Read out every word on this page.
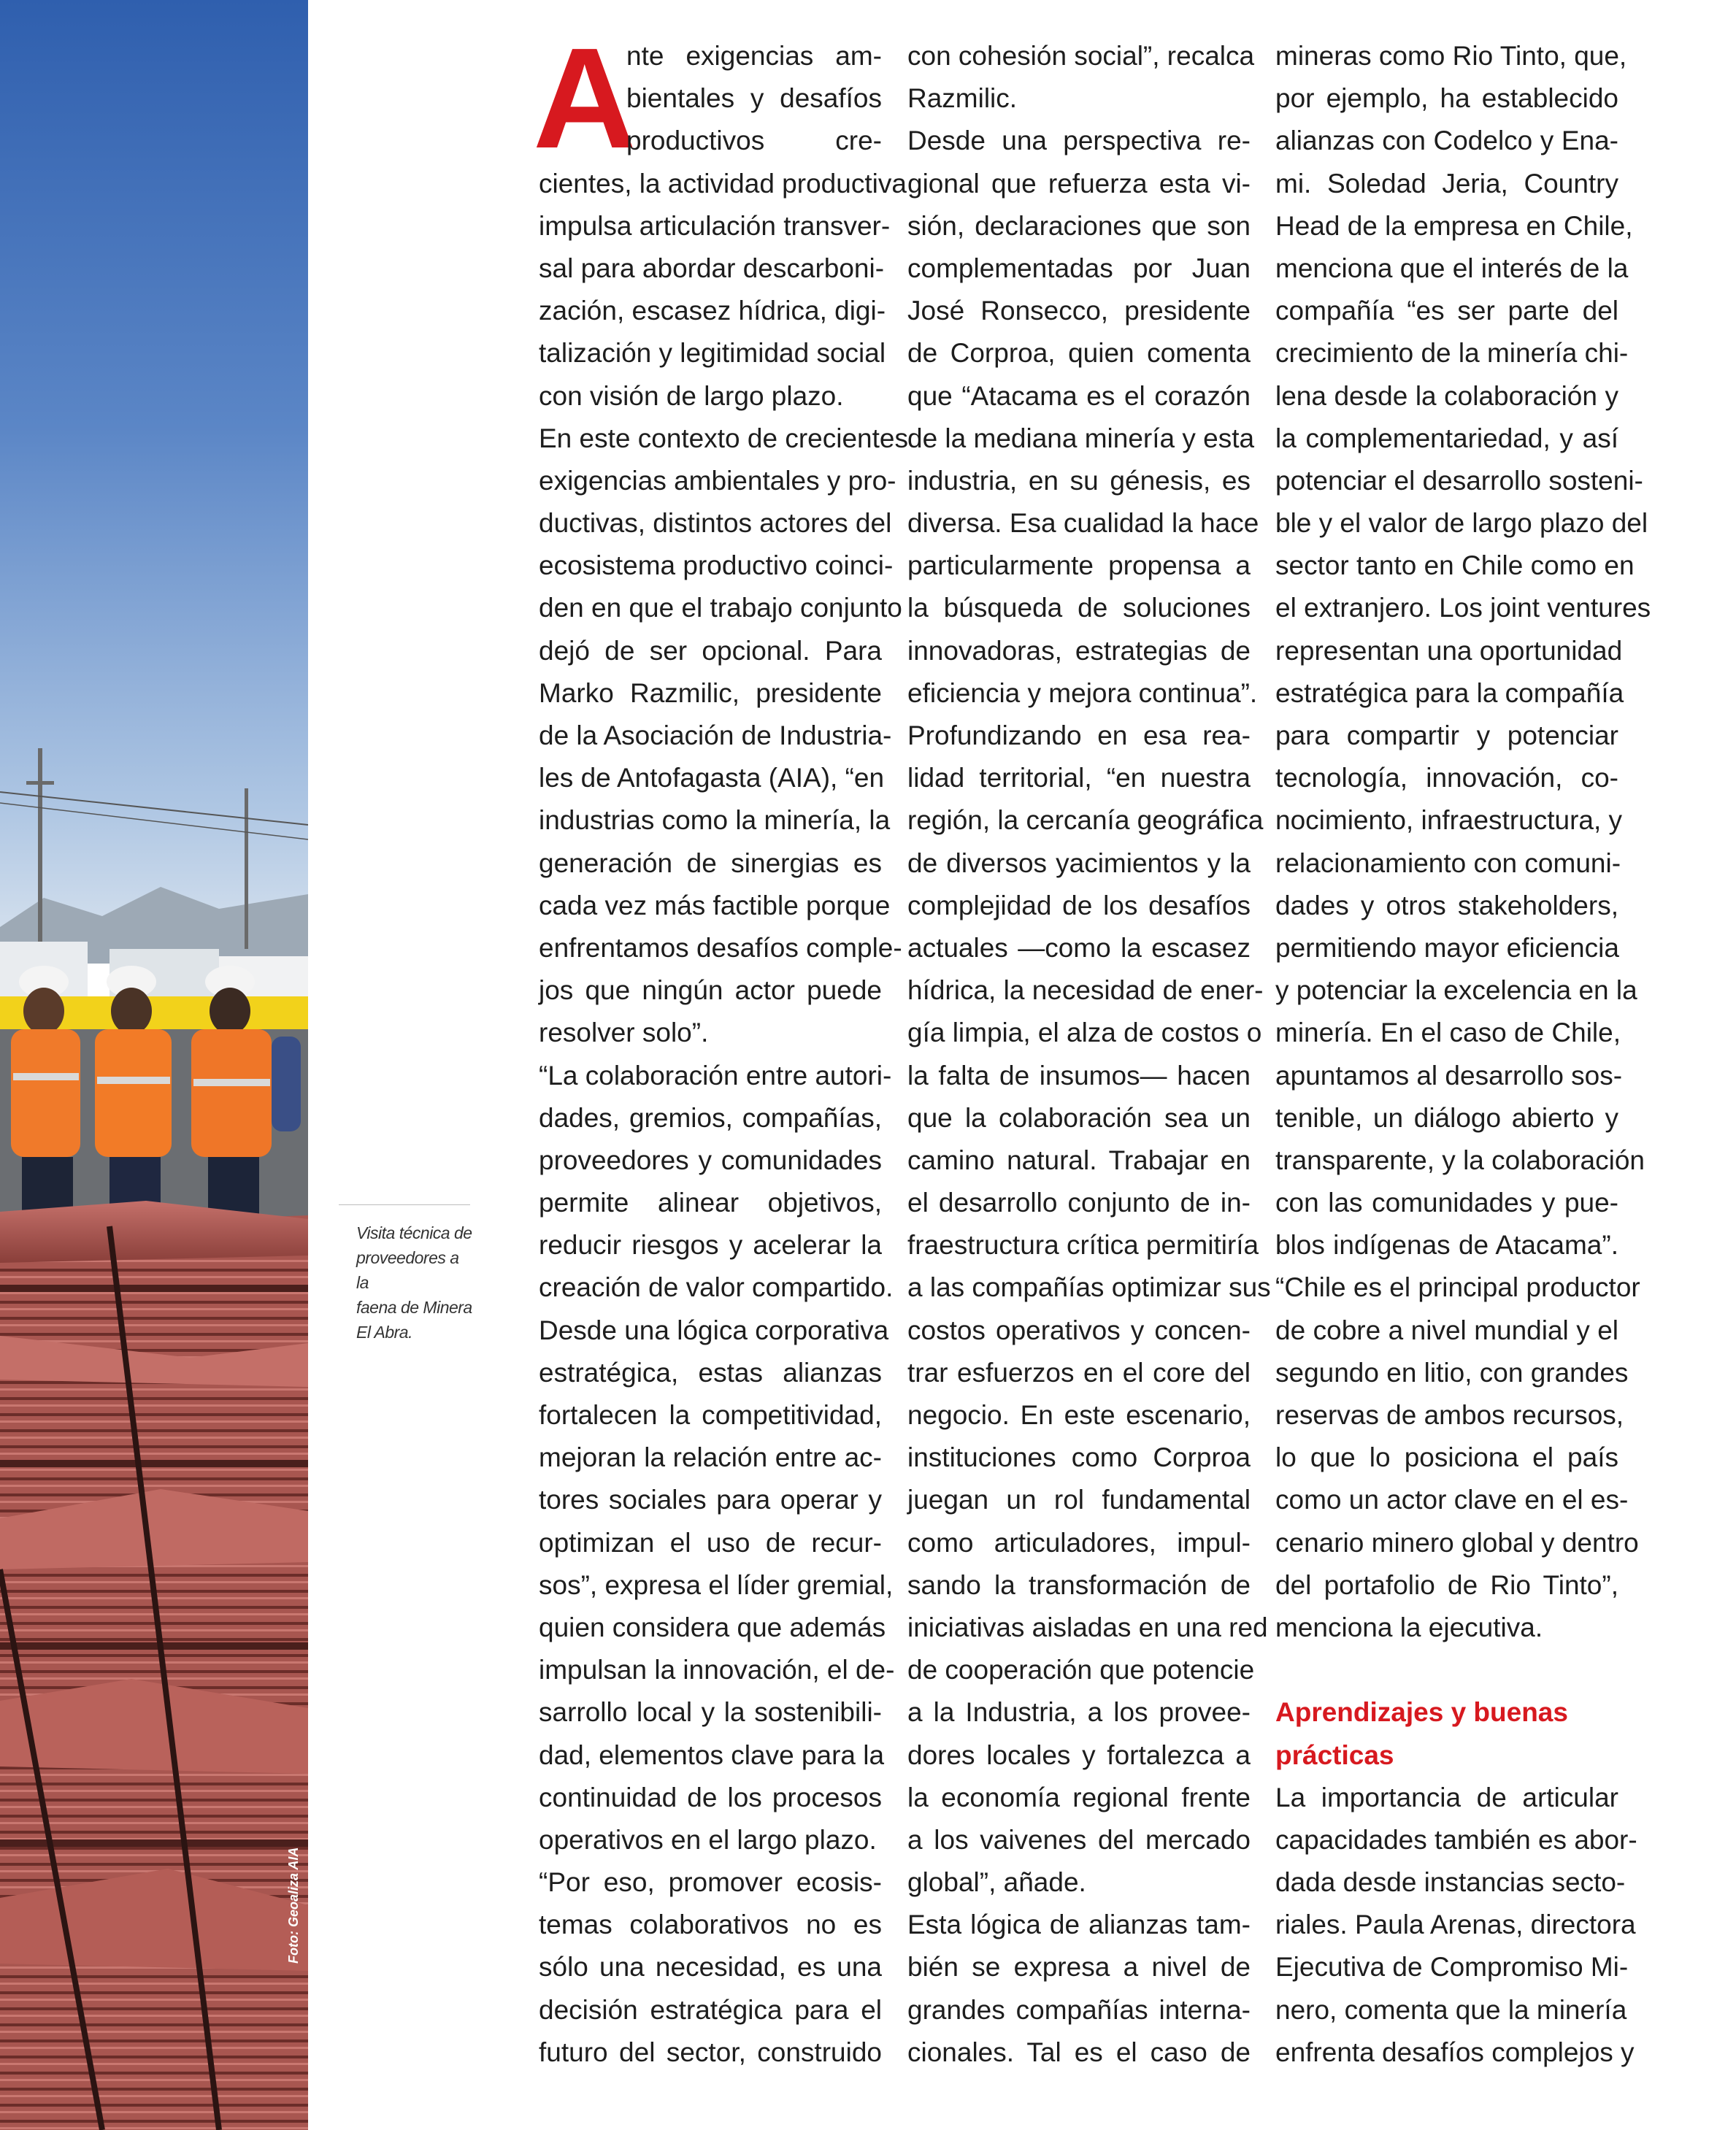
Foto: Geoaliza AIA
Visita técnica de
proveedores a la
faena de Minera
El Abra.
A
nte exigencias am-
bientales y desafíos
productivos cre-
cientes, la actividad productiva
impulsa articulación transver-
sal para abordar descarboni-
zación, escasez hídrica, digi-
talización y legitimidad social
con visión de largo plazo.
En este contexto de crecientes
exigencias ambientales y pro-
ductivas, distintos actores del
ecosistema productivo coinci-
den en que el trabajo conjunto
dejó de ser opcional. Para
Marko Razmilic, presidente
de la Asociación de Industria-
les de Antofagasta (AIA), “en
industrias como la minería, la
generación de sinergias es
cada vez más factible porque
enfrentamos desafíos comple-
jos que ningún actor puede
resolver solo”.
“La colaboración entre autori-
dades, gremios, compañías,
proveedores y comunidades
permite alinear objetivos,
reducir riesgos y acelerar la
creación de valor compartido.
Desde una lógica corporativa
estratégica, estas alianzas
fortalecen la competitividad,
mejoran la relación entre ac-
tores sociales para operar y
optimizan el uso de recur-
sos”, expresa el líder gremial,
quien considera que además
impulsan la innovación, el de-
sarrollo local y la sostenibili-
dad, elementos clave para la
continuidad de los procesos
operativos en el largo plazo.
“Por eso, promover ecosis-
temas colaborativos no es
sólo una necesidad, es una
decisión estratégica para el
futuro del sector, construido
con cohesión social”, recalca
Razmilic.
Desde una perspectiva re-
gional que refuerza esta vi-
sión, declaraciones que son
complementadas por Juan
José Ronsecco, presidente
de Corproa, quien comenta
que “Atacama es el corazón
de la mediana minería y esta
industria, en su génesis, es
diversa. Esa cualidad la hace
particularmente propensa a
la búsqueda de soluciones
innovadoras, estrategias de
eficiencia y mejora continua”.
Profundizando en esa rea-
lidad territorial, “en nuestra
región, la cercanía geográfica
de diversos yacimientos y la
complejidad de los desafíos
actuales —como la escasez
hídrica, la necesidad de ener-
gía limpia, el alza de costos o
la falta de insumos— hacen
que la colaboración sea un
camino natural. Trabajar en
el desarrollo conjunto de in-
fraestructura crítica permitiría
a las compañías optimizar sus
costos operativos y concen-
trar esfuerzos en el core del
negocio. En este escenario,
instituciones como Corproa
juegan un rol fundamental
como articuladores, impul-
sando la transformación de
iniciativas aisladas en una red
de cooperación que potencie
a la Industria, a los provee-
dores locales y fortalezca a
la economía regional frente
a los vaivenes del mercado
global”, añade.
Esta lógica de alianzas tam-
bién se expresa a nivel de
grandes compañías interna-
cionales. Tal es el caso de
mineras como Rio Tinto, que,
por ejemplo, ha establecido
alianzas con Codelco y Ena-
mi. Soledad Jeria, Country
Head de la empresa en Chile,
menciona que el interés de la
compañía “es ser parte del
crecimiento de la minería chi-
lena desde la colaboración y
la complementariedad, y así
potenciar el desarrollo sosteni-
ble y el valor de largo plazo del
sector tanto en Chile como en
el extranjero. Los joint ventures
representan una oportunidad
estratégica para la compañía
para compartir y potenciar
tecnología, innovación, co-
nocimiento, infraestructura, y
relacionamiento con comuni-
dades y otros stakeholders,
permitiendo mayor eficiencia
y potenciar la excelencia en la
minería. En el caso de Chile,
apuntamos al desarrollo sos-
tenible, un diálogo abierto y
transparente, y la colaboración
con las comunidades y pue-
blos indígenas de Atacama”.
“Chile es el principal productor
de cobre a nivel mundial y el
segundo en litio, con grandes
reservas de ambos recursos,
lo que lo posiciona el país
como un actor clave en el es-
cenario minero global y dentro
del portafolio de Rio Tinto”,
menciona la ejecutiva.
Aprendizajes y buenas
prácticas
La importancia de articular
capacidades también es abor-
dada desde instancias secto-
riales. Paula Arenas, directora
Ejecutiva de Compromiso Mi-
nero, comenta que la minería
enfrenta desafíos complejos y
